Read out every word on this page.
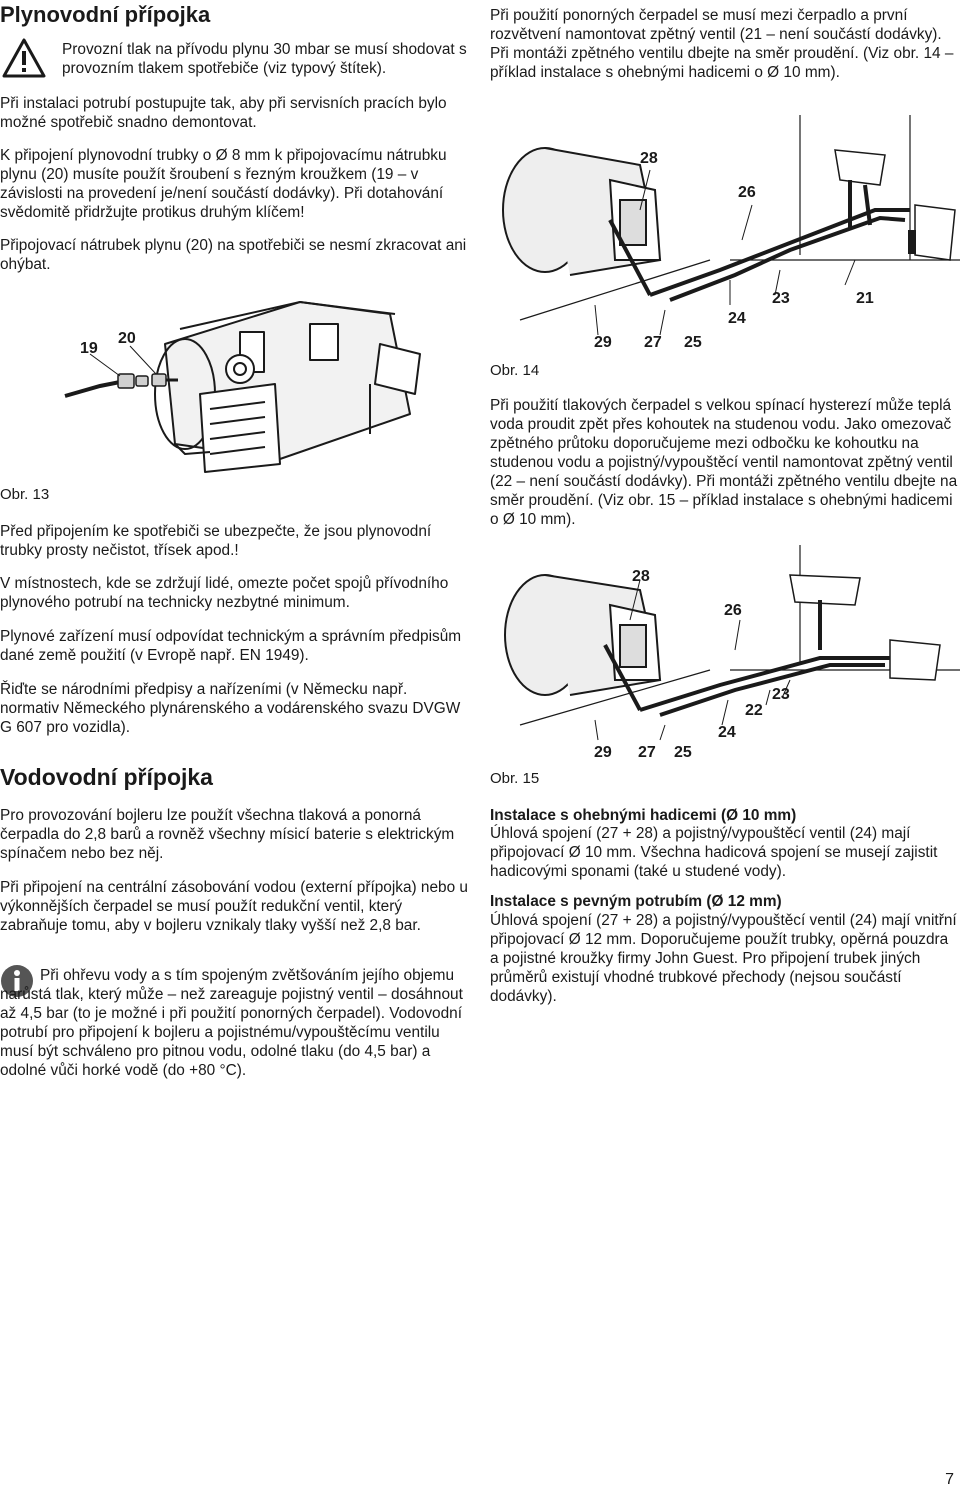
Plynovodní přípojka

Provozní tlak na přívodu plynu 30 mbar se musí shodovat s provozním tlakem spotřebiče (viz typový štítek).

Při instalaci potrubí postupujte tak, aby při servisních pracích bylo možné spotřebič snadno demontovat.

K připojení plynovodní trubky o Ø 8 mm k připojovacímu nátrubku plynu (20) musíte použít šroubení s řezným kroužkem (19 – v závislosti na provedení je/není součástí dodávky). Při dotahování svědomitě přidržujte protikus druhým klíčem!

Připojovací nátrubek plynu (20) na spotřebiči se nesmí zkracovat ani ohýbat.

19
20
Obr. 13

Před připojením ke spotřebiči se ubezpečte, že jsou plynovodní trubky prosty nečistot, třísek apod.!

V místnostech, kde se zdržují lidé, omezte počet spojů přívodního plynového potrubí na technicky nezbytné minimum.

Plynové zařízení musí odpovídat technickým a správním předpisům dané země použití (v Evropě např. EN 1949).

Řiďte se národními předpisy a nařízeními (v Německu např. normativ Německého plynárenského a vodárenského svazu DVGW G 607 pro vozidla).

Vodovodní přípojka

Pro provozování bojleru lze použít všechna tlaková a ponorná čerpadla do 2,8 barů a rovněž všechny mísicí baterie s elektrickým spínačem nebo bez něj.

Při připojení na centrální zásobování vodou (externí přípojka) nebo u výkonnějších čerpadel se musí použít redukční ventil, který zabraňuje tomu, aby v bojleru vznikaly tlaky vyšší než 2,8 bar.

Při ohřevu vody a s tím spojeným zvětšováním jejího objemu narůstá tlak, který může – než zareaguje pojistný ventil – dosáhnout až 4,5 bar (to je možné i při použití ponorných čerpadel). Vodovodní potrubí pro připojení k bojleru a pojistnému/vypouštěcímu ventilu musí být schváleno pro pitnou vodu, odolné tlaku (do 4,5 bar) a odolné vůči horké vodě (do +80 °C).

Při použití ponorných čerpadel se musí mezi čerpadlo a první rozvětvení namontovat zpětný ventil (21 – není součástí dodávky). Při montáži zpětného ventilu dbejte na směr proudění. (Viz obr. 14 – příklad instalace s ohebnými hadicemi o Ø 10 mm).

28
26
23	21
24
29 27 25
Obr. 14

Při použití tlakových čerpadel s velkou spínací hysterezí může teplá voda proudit zpět přes kohoutek na studenou vodu. Jako omezovač zpětného průtoku doporučujeme mezi odbočku ke kohoutku na studenou vodu a pojistný/vypouštěcí ventil namontovat zpětný ventil (22 – není součástí dodávky). Při montáži zpětného ventilu dbejte na směr proudění. (Viz obr. 15 – příklad instalace s ohebnými hadicemi o Ø 10 mm).

28
26
23
22
24
29 27 25
Obr. 15

Instalace s ohebnými hadicemi (Ø 10 mm)

Úhlová spojení (27 + 28) a pojistný/vypouštěcí ventil (24) mají připojovací Ø 10 mm. Všechna hadicová spojení se musejí zajistit hadicovými sponami (také u studené vody).

Instalace s pevným potrubím (Ø 12 mm)

Úhlová spojení (27 + 28) a pojistný/vypouštěcí ventil (24) mají vnitřní připojovací Ø 12 mm. Doporučujeme použít trubky, opěrná pouzdra a pojistné kroužky firmy John Guest. Pro připojení trubek jiných průměrů existují vhodné trubkové přechody (nejsou součástí dodávky).

7
